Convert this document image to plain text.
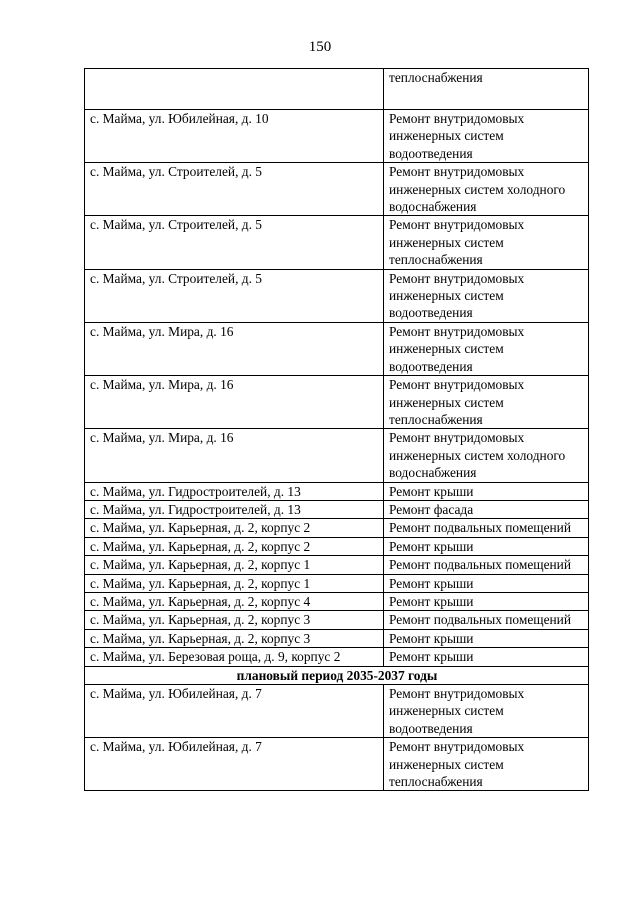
150
	теплоснабжения
с. Майма, ул. Юбилейная, д. 10	Ремонт внутридомовых инженерных систем водоотведения
с. Майма, ул. Строителей, д. 5	Ремонт внутридомовых инженерных систем холодного водоснабжения
с. Майма, ул. Строителей, д. 5	Ремонт внутридомовых инженерных систем теплоснабжения
с. Майма, ул. Строителей, д. 5	Ремонт внутридомовых инженерных систем водоотведения
с. Майма, ул. Мира, д. 16	Ремонт внутридомовых инженерных систем водоотведения
с. Майма, ул. Мира, д. 16	Ремонт внутридомовых инженерных систем теплоснабжения
с. Майма, ул. Мира, д. 16	Ремонт внутридомовых инженерных систем холодного водоснабжения
с. Майма, ул. Гидростроителей, д. 13	Ремонт крыши
с. Майма, ул. Гидростроителей, д. 13	Ремонт фасада
с. Майма, ул. Карьерная, д. 2, корпус 2	Ремонт подвальных помещений
с. Майма, ул. Карьерная, д. 2, корпус 2	Ремонт крыши
с. Майма, ул. Карьерная, д. 2, корпус 1	Ремонт подвальных помещений
с. Майма, ул. Карьерная, д. 2, корпус 1	Ремонт крыши
с. Майма, ул. Карьерная, д. 2, корпус 4	Ремонт крыши
с. Майма, ул. Карьерная, д. 2, корпус 3	Ремонт подвальных помещений
с. Майма, ул. Карьерная, д. 2, корпус 3	Ремонт крыши
с. Майма, ул. Березовая роща, д. 9, корпус 2	Ремонт крыши
плановый период 2035-2037 годы	
с. Майма, ул. Юбилейная, д. 7	Ремонт внутридомовых инженерных систем водоотведения
с. Майма, ул. Юбилейная, д. 7	Ремонт внутридомовых инженерных систем теплоснабжения
